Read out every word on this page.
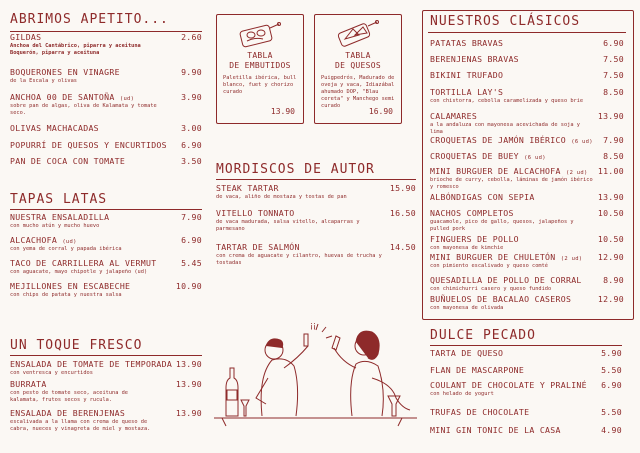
ABRIMOS APETITO...
GILDAS	2.60
Anchoa del Cantábrico, piparra y aceituna
Boquerón, piparra y aceituna
BOQUERONES EN VINAGRE	9.90
de la Escala y olivas
ANCHOA 00 DE SANTOÑA (ud)	3.90
sobre pan de algas, oliva de Kalamata y tomate
seco.
OLIVAS MACHACADAS	3.00
POPURRÍ DE QUESOS Y ENCURTIDOS 6.90
PAN DE COCA CON TOMATE	3.50
TAPAS LATAS
NUESTRA ENSALADILLA	7.90
con mucho atún y mucho huevo
ALCACHOFA (ud)	6.90
con yema de corral y papada ibérica
TACO DE CARRILLERA AL VERMUT	5.45
con aguacate, mayo chipotle y jalapeño (ud)
MEJILLONES EN ESCABECHE	10.90
con chips de patata y nuestra salsa
UN TOQUE FRESCO
ENSALADA DE TOMATE DE TEMPORADA 13.90
con ventresca y encurtidos
BURRATA	13.90
con pesto de tomate seco, aceituna de
kalamata, frutos secos y rucula.
ENSALADA DE BERENJENAS	13.90
escalivada a la llama con crema de queso de
cabra, nueces y vinagreta de miel y mostaza.
TABLA
DE EMBUTIDOS
Paletilla ibérica, bull
blanco, fuet y chorizo
curado
13.90
TABLA
DE QUESOS
Puigpedrós, Madurado de
oveja y vaca, Idiazábal
ahumado DOP, "Blau
cereta" y Manchego semi
curado
16.90
MORDISCOS DE AUTOR
STEAK TARTAR	15.90
de vaca, aliño de mostaza y tostas de pan
VITELLO TONNATO	16.50
de vaca madurada, salsa vitello, alcaparras y
parmesano
TARTAR DE SALMÓN	14.50
con crema de aguacate y cilantro, huevas de trucha y
tostadas
¡¡
NUESTROS CLÁSICOS
PATATAS BRAVAS	6.90
BERENJENAS BRAVAS	7.50
BIKINI TRUFADO	7.50
TORTILLA LAY'S	8.50
con chistorra, cebolla caramelizada y queso brie
CALAMARES	13.90
a la andaluza con mayonesa acevichada de soja y
lima
CROQUETAS DE JAMÓN IBÉRICO (6 ud) 7.90
CROQUETAS DE BUEY (6 ud)	8.50
MINI BURGUER DE ALCACHOFA (2 ud) 11.00
brioche de curry, cebolla, láminas de jamón ibérico
y romesco
ALBÓNDIGAS CON SEPIA	13.90
NACHOS COMPLETOS	10.50
guacamole, pico de gallo, quesos, jalapeños y
pulled pork
FINGUERS DE POLLO	10.50
con mayonesa de kimchie
MINI BURGUER DE CHULETÓN (2 ud) 12.90
con pimiento escalivado y queso comté
QUESADILLA DE POLLO DE CORRAL	8.90
con chimichurri casero y queso fundido
BUÑUELOS DE BACALAO CASEROS	12.90
con mayonesa de olivada
DULCE PECADO
TARTA DE QUESO	5.90
FLAN DE MASCARPONE	5.50
COULANT DE CHOCOLATE Y PRALINÉ 6.90
con helado de yogurt
TRUFAS DE CHOCOLATE	5.50
MINI GIN TONIC DE LA CASA	4.90
